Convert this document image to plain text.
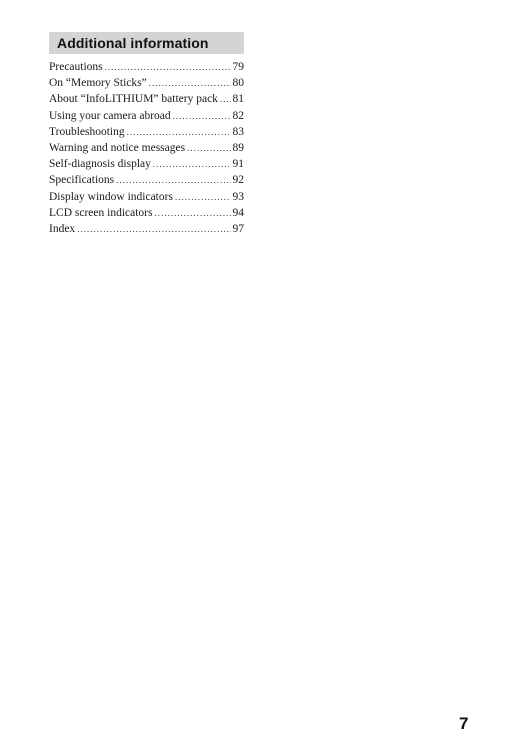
Additional information
Precautions .....	79
On “Memory Sticks” .....	80
About “InfoLITHIUM” battery pack ..... 81
Using your camera abroad .....	82
Troubleshooting .....	83
Warning and notice messages .....	89
Self-diagnosis display .....	91
Specifications .....	92
Display window indicators .....	93
LCD screen indicators .....	94
Index .....	97
7
